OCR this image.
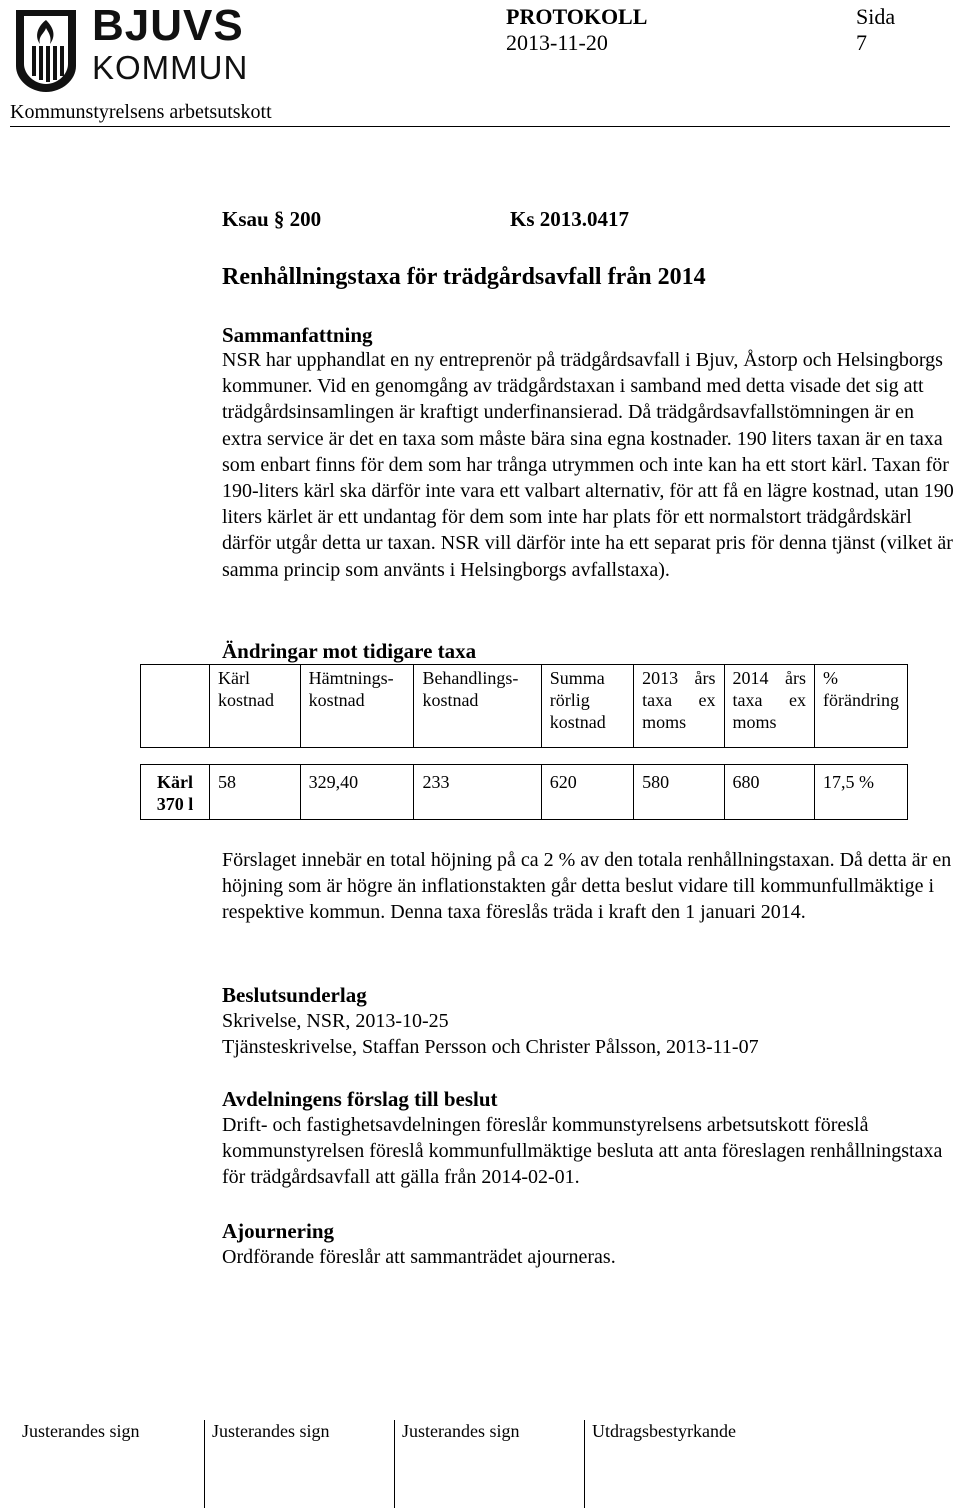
BJUVS
KOMMUN
PROTOKOLL
2013-11-20
Sida
7
Kommunstyrelsens arbetsutskott
Ksau § 200	Ks 2013.0417
Renhållningstaxa för trädgårdsavfall från 2014
Sammanfattning

NSR har upphandlat en ny entreprenör på trädgårdsavfall i Bjuv, Åstorp och Helsingborgs kommuner. Vid en genomgång av trädgårdstaxan i samband med detta visade det sig att trädgårdsinsamlingen är kraftigt underfinansierad. Då trädgårdsavfallstömningen är en extra service är det en taxa som måste bära sina egna kostnader. 190 liters taxan är en taxa som enbart finns för dem som har trånga utrymmen och inte kan ha ett stort kärl. Taxan för 190-liters kärl ska därför inte vara ett valbart alternativ, för att få en lägre kostnad, utan 190 liters kärlet är ett undantag för dem som inte har plats för ett normalstort trädgårdskärl därför utgår detta ur taxan. NSR vill därför inte ha ett separat pris för denna tjänst (vilket är samma princip som använts i Helsingborgs avfallstaxa).

Ändringar mot tidigare taxa
	Kärl kostnad	Hämtnings- kostnad	Behandlings- kostnad	Summa rörlig kostnad	2013 års taxa ex moms	2014 års taxa ex moms	% förändring

Kärl 370 l	58	329,40	233	620	580	680	17,5 %

Förslaget innebär en total höjning på ca 2 % av den totala renhållningstaxan. Då detta är en höjning som är högre än inflationstakten går detta beslut vidare till kommunfullmäktige i respektive kommun. Denna taxa föreslås träda i kraft den 1 januari 2014.

Beslutsunderlag

Skrivelse, NSR, 2013-10-25

Tjänsteskrivelse, Staffan Persson och Christer Pålsson, 2013-11-07

Avdelningens förslag till beslut

Drift- och fastighetsavdelningen föreslår kommunstyrelsens arbetsutskott föreslå kommunstyrelsen föreslå kommunfullmäktige besluta att anta föreslagen renhållningstaxa för trädgårdsavfall att gälla från 2014-02-01.

Ajournering

Ordförande föreslår att sammanträdet ajourneras.

Justerandes sign	Justerandes sign	Justerandes sign	Utdragsbestyrkande
